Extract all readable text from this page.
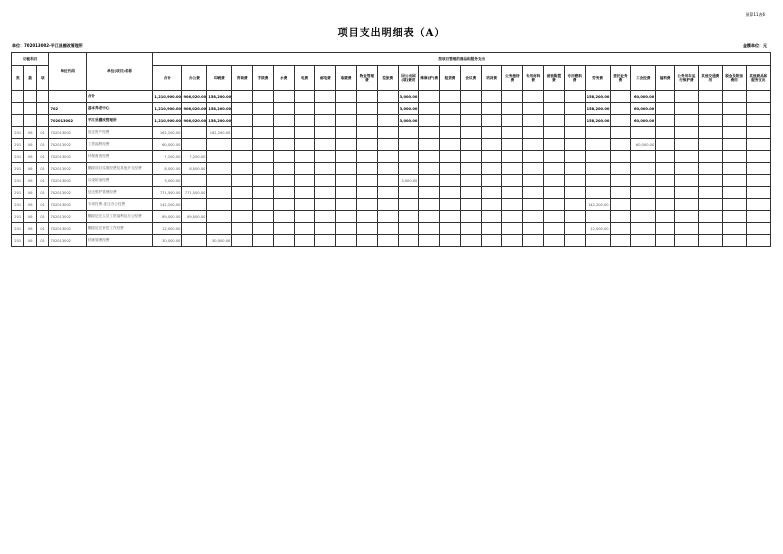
预算11表6
项目支出明细表（A）
单位：702013002-平江县棚改管理所	金额单位：元
功能科目			单位代码	单位(项目)名称	按项目管理的商品和服务支出																											
类	款	项			合计	办公费	印刷费	咨询费	手续费	水费	电费	邮电费	取暖费	物业管理费	差旅费	因公出国(境)费用	维修(护)费	租赁费	会议费	培训费	公务接待费	专用材料费	被装购置费	专用燃料费	劳务费	委托业务费	工会经费	福利费	公务用车运行维护费	其他交通费用	税金及附加费用	其他商品和服务支出
				合计	1,210,900.00	906,020.00	158,200.00									3,000.00									158,200.00		60,000.00					
			702	基本养老中心	1,210,900.00	906,020.00	158,200.00									3,000.00									158,200.00		60,000.00					
			702013002	平江县棚改管理所	1,210,900.00	906,020.00	158,200.00									3,000.00									158,200.00		60,000.00					
201	06	01	702013002	征迁资产经费	162,200.00		162,200.00																									
201	06	01	702013002	工资福利经费	60,000.00																						60,000.00					
201	06	01	702013002	环保督查经费	7,200.00	7,200.00																										
201	06	01	702013002	棚改项目实施经费及其他开支经费	8,000.00	8,000.00																										
201	06	01	702013002	污染防治经费	3,000.00											3,000.00																
201	06	01	702013002	征迁维护管理经费	771,500.00	771,500.00																										
201	06	01	702013002	专项经费-征迁办公经费	142,200.00																				142,200.00							
201	06	01	702013002	棚改征迁人员工资福利及办公经费	89,000.00	89,000.00																										
201	06	01	702013002	棚改征迁补偿工作经费	12,000.00																				12,000.00							
201	06	01	702013002	档案管理经费	30,000.00		30,000.00																									
